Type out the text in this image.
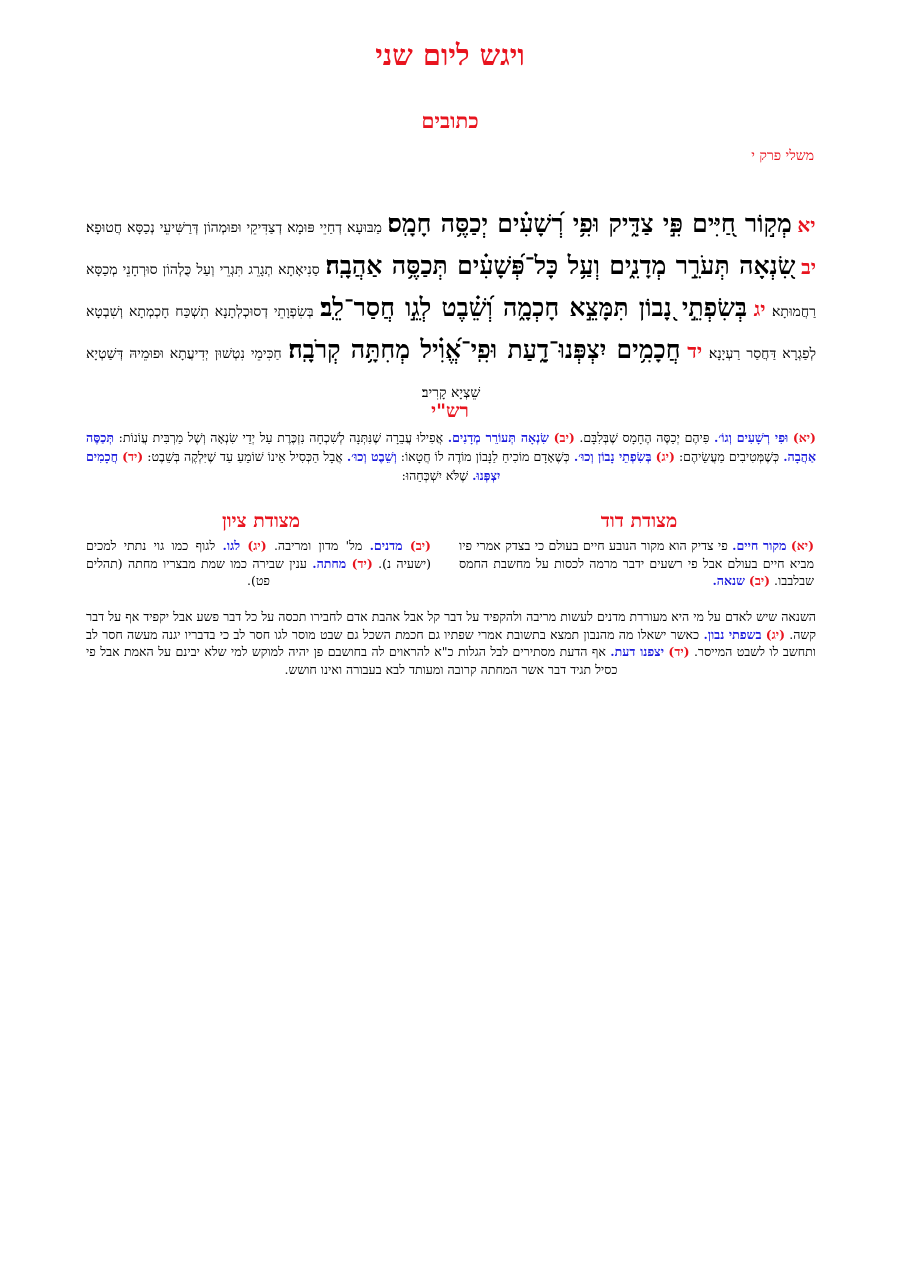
ויגש ליום שני
כתובים
משלי פרק י
יא מְק֣וֹר חַ֭יִּים פִּ֣י צַדִּ֑יק וּפִ֥י רְ֝שָׁעִ֗ים יְכַסֶּ֥ה חָמָֽס׃ מַבּוּעָא דְחַיֵי פּוּמָא דְצַדִּיקֵי וּפוּמְהוֹן דְּרַשִּׁיעֵי נְכַסָּא חֲטוּפָא׃ יב שִׂ֭נְאָה תְּעֹרֵ֣ר מְדָנִ֑ים וְעַ֥ל כָּל־פְּ֝שָׁעִ֗ים תְּכַסֶּ֥ה אַהֲבָֽה׃ סַנִיאָתָא תְגָרֵג תִּגְרֵי וְעַל כֻּלְהוֹן סוּרְחָנֵי מְכַסָּא רַחֲמוּתָא׃ יג בְּשִׂפְתֵ֣י נָ֭בוֹן תִּמָּצֵ֣א חָכְמָ֑ה וְ֝שֵׁ֗בֶט לְגֵ֣ו חֲסַר־לֵֽב׃ בְּשִׂפְוָתֵי דְסוּכְלְתָנָא תִשְׁכַּח חָכְמְתָא וְשִׁבְטָא לְפַגְרָא דַּחֲסַר רַעְיָנָא׃ יד חֲכָמִ֥ים יִצְפְּנוּ־דָ֑עַת וּפִֽי־אֱ֝וִ֗יל מְחִתָּ֥ה קְרֹבָֽה׃ חַכִּימֵי נִטְשׁוּן יְדִיעֲתָא וּפוּמֵיהּ דְּשַׁטְיָא שֵׁצְיָא קָרִיב׃
רש"י
(יא) וּפִי רְשָׁעִים וְגוֹ׳. פִּיהֶם יְכַסֶּה הֶחָמָס שֶׁבְּלִבָּם. (יב) שִׂנְאָה תְּעוֹרֵר מְדָנִים. אֲפִילוּ עֲבֵרָה שֶׁנִּתְּנָה לְשִׁכְחָה נִזְכֶּרֶת עַל יְדֵי שִׂנְאָה וְשֶׁל מַרְבִּית עֲוֹנוֹת: תְּכַסֶּה אַהֲבָה. כְּשֶׁמְּטִיבִים מַעֲשֵׂיהֶם: (יג) בְּשִׂפְתֵי נָבוֹן וְכוּ׳. כְּשֶׁאָדָם מוֹכִיחַ לַנָּבוֹן מוֹדֶה לוֹ חֲטָאוֹ: וְשֵׁבֶט וְכוּ׳. אֲבָל הַכְּסִיל אֵינוֹ שׁוֹמֵעַ עַד שֶׁיִּלְקֶה בְּשֵׁבֶט: (יד) חֲכָמִים יִצְפְּנוּ. שֶׁלֹּא יִשְׁכְּחֵהוּ:
מצודת דוד
מצודת ציון
(יא) מקור חיים. פי צדיק הוא מקור הנובע חיים בעולם כי בצדק אמרי פיו מביא חיים בעולם אבל פי רשעים ידבר מרמה לכסות על מחשבת החמס שבלבבו. (יב) שנאה.
(יב) מדנים. מל' מדון ומריבה. (יג) לגו. לגוף כמו גוי נתתי למכים (ישעיה נ). (יד) מחתה. ענין שבירה כמו שמת מבצריו מחתה (תהלים פט).
השנאה שיש לאדם על מי היא מעוררת מדנים לעשות מריבה ולהקפיד על דבר קל אבל אהבת אדם לחבירו תכסה על כל דבר פשע אבל יקפיד אף על דבר קשה. (יג) בשפתי נבון. כאשר ישאלו מה מהנבון תמצא בתשובת אמרי שפתיו גם חכמת השכל גם שבט מוסר לגו חסר לב כי בדבריו יגנה מעשה חסר לב ותחשב לו לשבט המייסר. (יד) יצפנו דעת. אף הדעת מסתירים לבל הגלות כ"א להראוים לה בחושבם פן יהיה למוקש למי שלא יבינם על האמת אבל פי כסיל תגיד דבר אשר המחתה קרובה ומעותד לבא בעבורה ואינו חושש.
